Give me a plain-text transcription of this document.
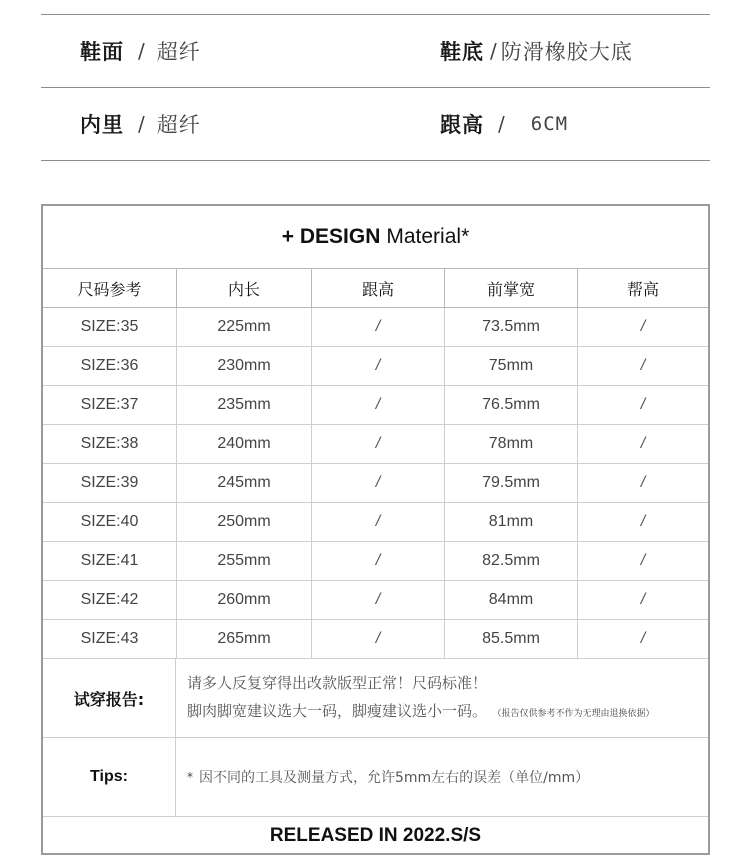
鞋面 / 超纤	鞋底 / 防滑橡胶大底
内里 / 超纤	跟高 / 6CM
+ DESIGN Material*
尺码参考	内长	跟高	前掌宽	帮高
SIZE:35	225mm	/	73.5mm	/
SIZE:36	230mm	/	75mm	/
SIZE:37	235mm	/	76.5mm	/
SIZE:38	240mm	/	78mm	/
SIZE:39	245mm	/	79.5mm	/
SIZE:40	250mm	/	81mm	/
SIZE:41	255mm	/	82.5mm	/
SIZE:42	260mm	/	84mm	/
SIZE:43	265mm	/	85.5mm	/
试穿报告:
请多人反复穿得出改款版型正常！尺码标准！
脚肉脚宽建议选大一码，脚瘦建议选小一码。 （报告仅供参考不作为无理由退换依据）
Tips:	* 因不同的工具及测量方式，允许5mm左右的误差（单位/mm）
RELEASED IN 2022.S/S
